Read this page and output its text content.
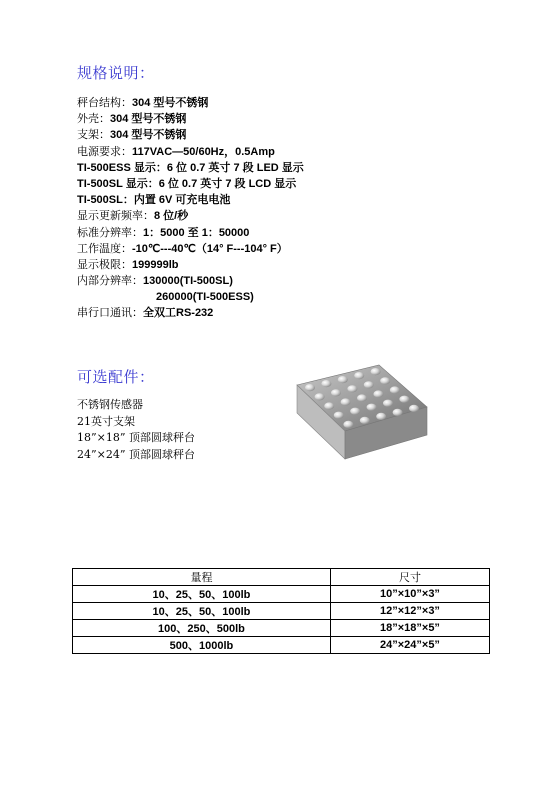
规格说明：
秤台结构：304 型号不锈钢
外壳：304 型号不锈钢
支架：304 型号不锈钢
电源要求：117VAC—50/60Hz，0.5Amp
TI-500ESS 显示：6 位 0.7 英寸 7 段 LED 显示
TI-500SL 显示：6 位 0.7 英寸 7 段 LCD 显示
TI-500SL：内置 6V 可充电电池
显示更新频率：8 位/秒
标准分辨率：1：5000 至 1：50000
工作温度：-10℃---40℃（14° F---104° F）
显示极限：199999lb
内部分辨率：130000(TI-500SL)
260000(TI-500ESS)
串行口通讯：全双工RS-232
可选配件：
不锈钢传感器
21英寸支架
18”×18” 顶部圆球秤台
24”×24” 顶部圆球秤台
量程	尺寸
10、25、50、100lb	10”×10”×3”
10、25、50、100lb	12”×12”×3”
100、250、500lb	18”×18”×5”
500、1000lb	24”×24”×5”
